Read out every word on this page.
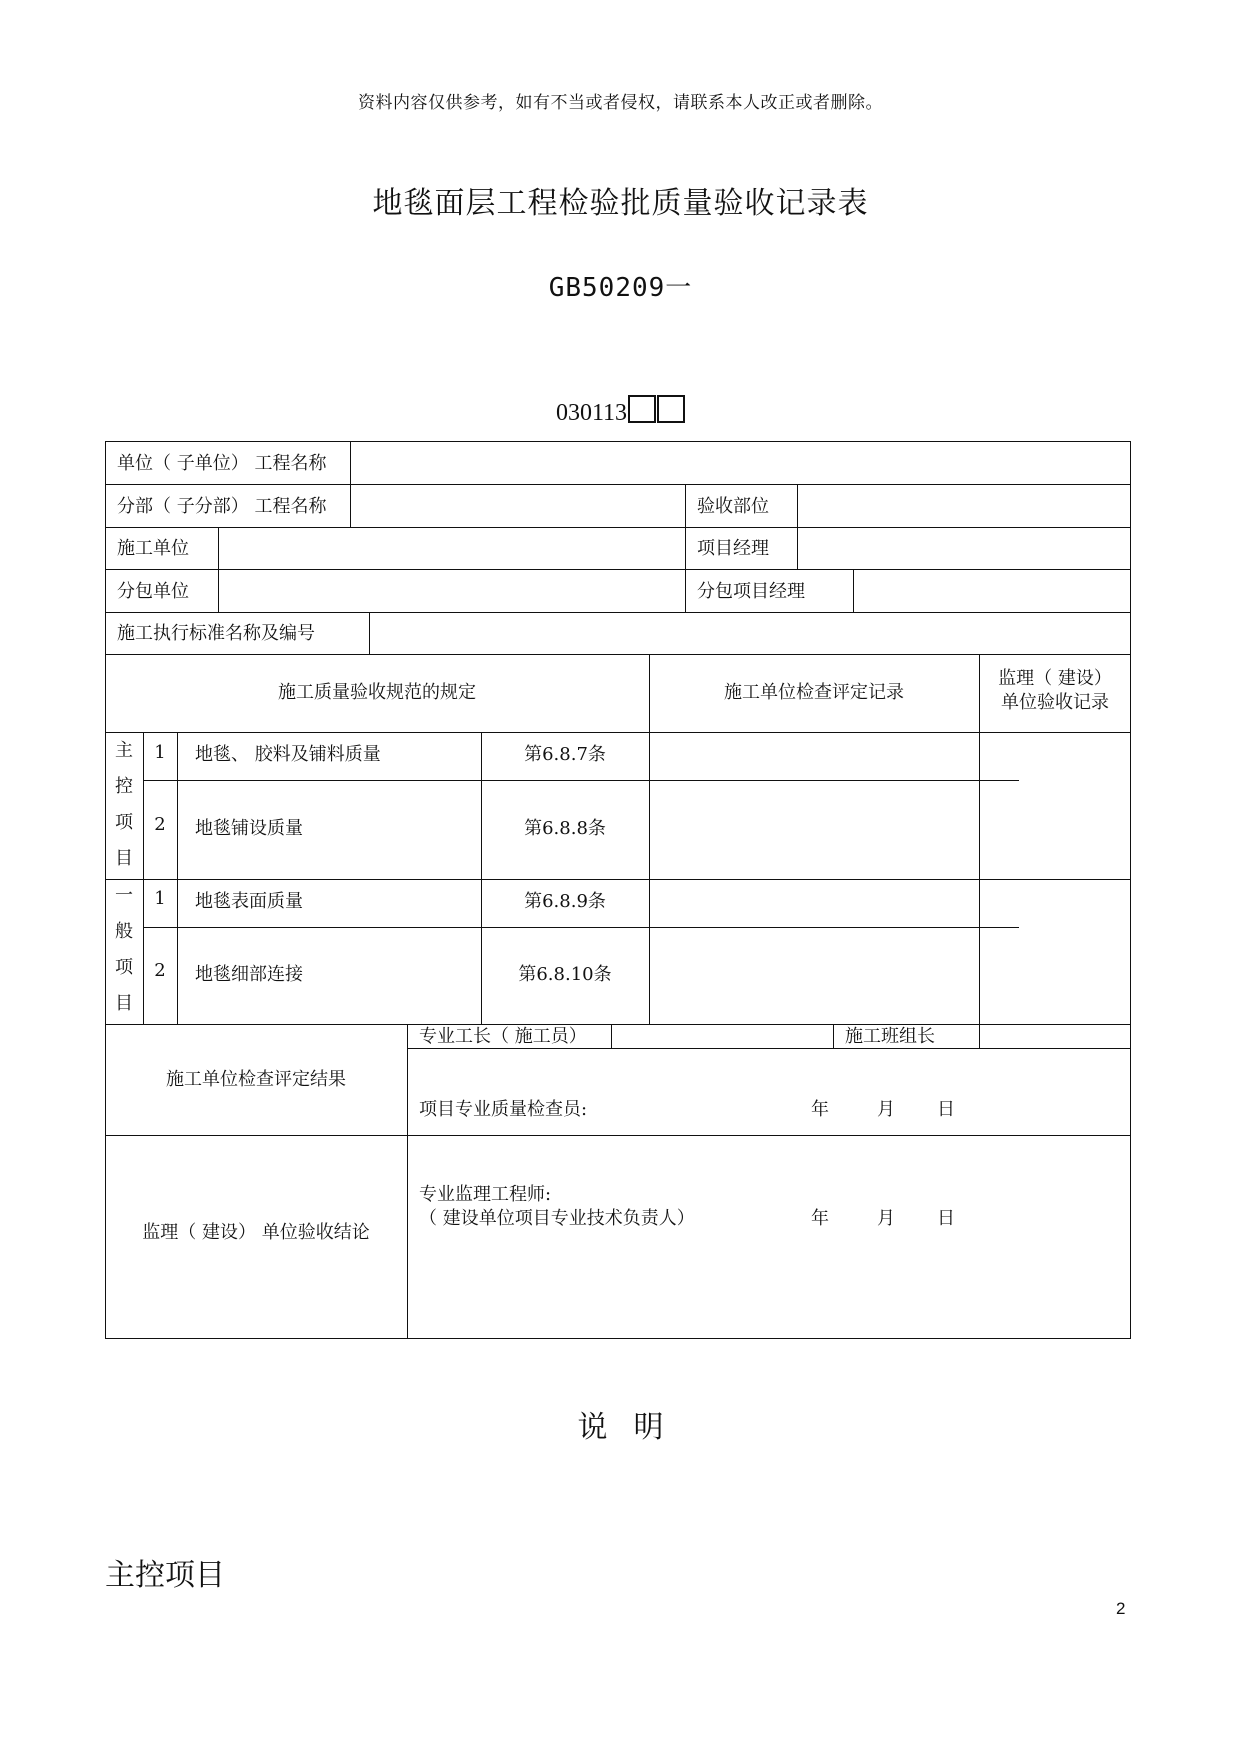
资料内容仅供参考，如有不当或者侵权，请联系本人改正或者删除。
地毯面层工程检验批质量验收记录表
GB50209一
030113
单位（ 子单位） 工程名称
分部（ 子分部） 工程名称	验收部位
施工单位	项目经理
分包单位	分包项目经理
施工执行标准名称及编号
施工质量验收规范的规定	施工单位检查评定记录
监理（ 建设）
单位验收记录
主
控
项
目
1	地毯、 胶料及铺料质量	第6.8.7条
2	地毯铺设质量	第6.8.8条
一
般
项
目
1	地毯表面质量	第6.8.9条
2	地毯细部连接	第6.8.10条
专业工长（ 施工员）	施工班组长
施工单位检查评定结果
项目专业质量检查员:	年	月 日
监理（ 建设） 单位验收结论
专业监理工程师:
（ 建设单位项目专业技术负责人）	年	月 日
说明
主控项目
2
